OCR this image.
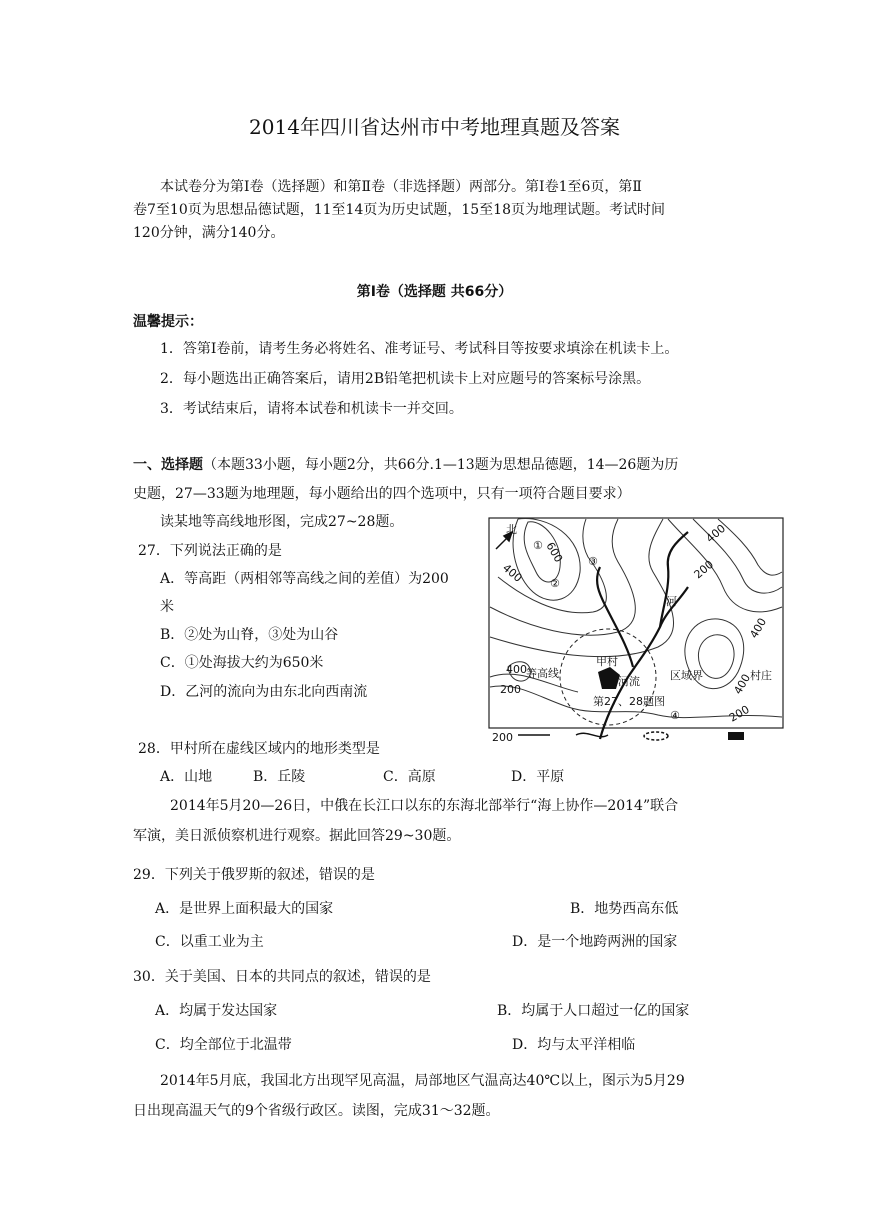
2014年四川省达州市中考地理真题及答案
本试卷分为第Ⅰ卷（选择题）和第Ⅱ卷（非选择题）两部分。第Ⅰ卷1至6页，第Ⅱ
卷7至10页为思想品德试题，11至14页为历史试题，15至18页为地理试题。考试时间
120分钟，满分140分。
第Ⅰ卷（选择题 共66分）
温馨提示：
1．答第Ⅰ卷前，请考生务必将姓名、准考证号、考试科目等按要求填涂在机读卡上。
2．每小题选出正确答案后，请用2B铅笔把机读卡上对应题号的答案标号涂黑。
3．考试结束后，请将本试卷和机读卡一并交回。
一、选择题（本题33小题，每小题2分，共66分.1—13题为思想品德题，14—26题为历
史题，27—33题为地理题，每小题给出的四个选项中，只有一项符合题目要求）
读某地等高线地形图，完成27~28题。
27．下列说法正确的是
A．等高距（两相邻等高线之间的差值）为200
米
B．②处为山脊，③处为山谷
C．①处海拔大约为650米
D．乙河的流向为由东北向西南流
北
600
400
400
200
400
400
200
400
200
200
①
②
③
④
河
甲村
等高线
河流	区域界	村庄
第27、28题图
28．甲村所在虚线区域内的地形类型是
A．山地	B．丘陵	C．高原	D．平原
2014年5月20—26日，中俄在长江口以东的东海北部举行“海上协作—2014”联合
军演，美日派侦察机进行观察。据此回答29~30题。
29．下列关于俄罗斯的叙述，错误的是
A．是世界上面积最大的国家	B．地势西高东低
C．以重工业为主	D．是一个地跨两洲的国家
30．关于美国、日本的共同点的叙述，错误的是
A．均属于发达国家	B．均属于人口超过一亿的国家
C．均全部位于北温带	D．均与太平洋相临
2014年5月底，我国北方出现罕见高温，局部地区气温高达40℃以上，图示为5月29
日出现高温天气的9个省级行政区。读图，完成31～32题。
